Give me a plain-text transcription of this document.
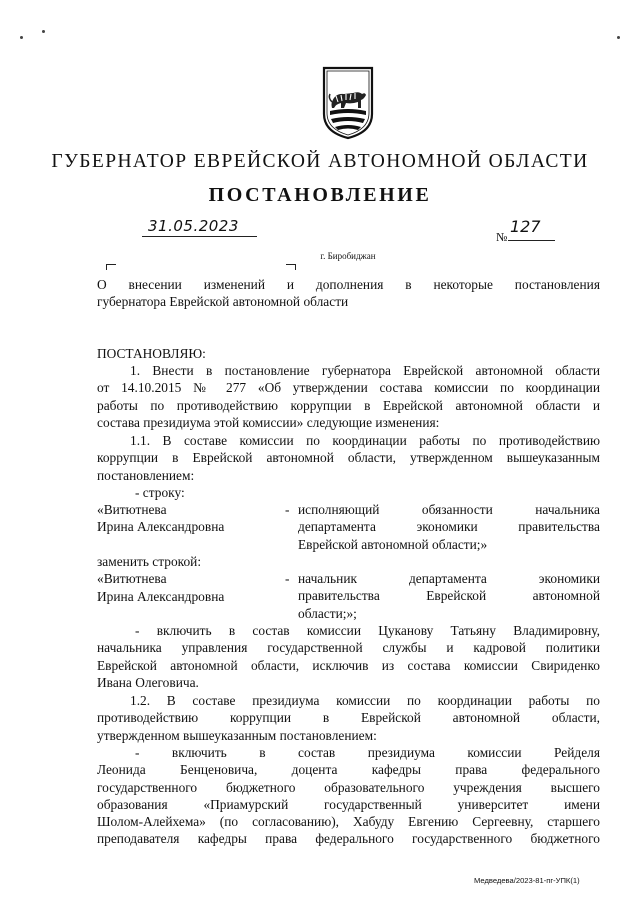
ГУБЕРНАТОР ЕВРЕЙСКОЙ АВТОНОМНОЙ ОБЛАСТИ
ПОСТАНОВЛЕНИЕ
31.05.2023
№
127
г. Биробиджан
О внесении изменений и дополнения в некоторые постановления
губернатора Еврейской автономной области
ПОСТАНОВЛЯЮ:
1. Внести в постановление губернатора Еврейской автономной области
от 14.10.2015 № 277 «Об утверждении состава комиссии по координации
работы по противодействию коррупции в Еврейской автономной области и
состава президиума этой комиссии» следующие изменения:
1.1. В составе комиссии по координации работы по противодействию
коррупции в Еврейской автономной области, утвержденном вышеуказанным
постановлением:
- строку:
«Витютнева
Ирина Александровна
- исполняющий обязанности начальника
департамента экономики правительства
Еврейской автономной области;»
заменить строкой:
«Витютнева
Ирина Александровна
- начальник департамента экономики
правительства Еврейской автономной
области;»;
- включить в состав комиссии Цуканову Татьяну Владимировну,
начальника управления государственной службы и кадровой политики
Еврейской автономной области, исключив из состава комиссии Свириденко
Ивана Олеговича.
1.2. В составе президиума комиссии по координации работы по
противодействию коррупции в Еврейской автономной области,
утвержденном вышеуказанным постановлением:
- включить в состав президиума комиссии Рейделя
Леонида Бенценовича, доцента кафедры права федерального
государственного бюджетного образовательного учреждения высшего
образования «Приамурский государственный университет имени
Шолом-Алейхема» (по согласованию), Хабуду Евгению Сергеевну, старшего
преподавателя кафедры права федерального государственного бюджетного
Медведева/2023-81-пг-УПК(1)
